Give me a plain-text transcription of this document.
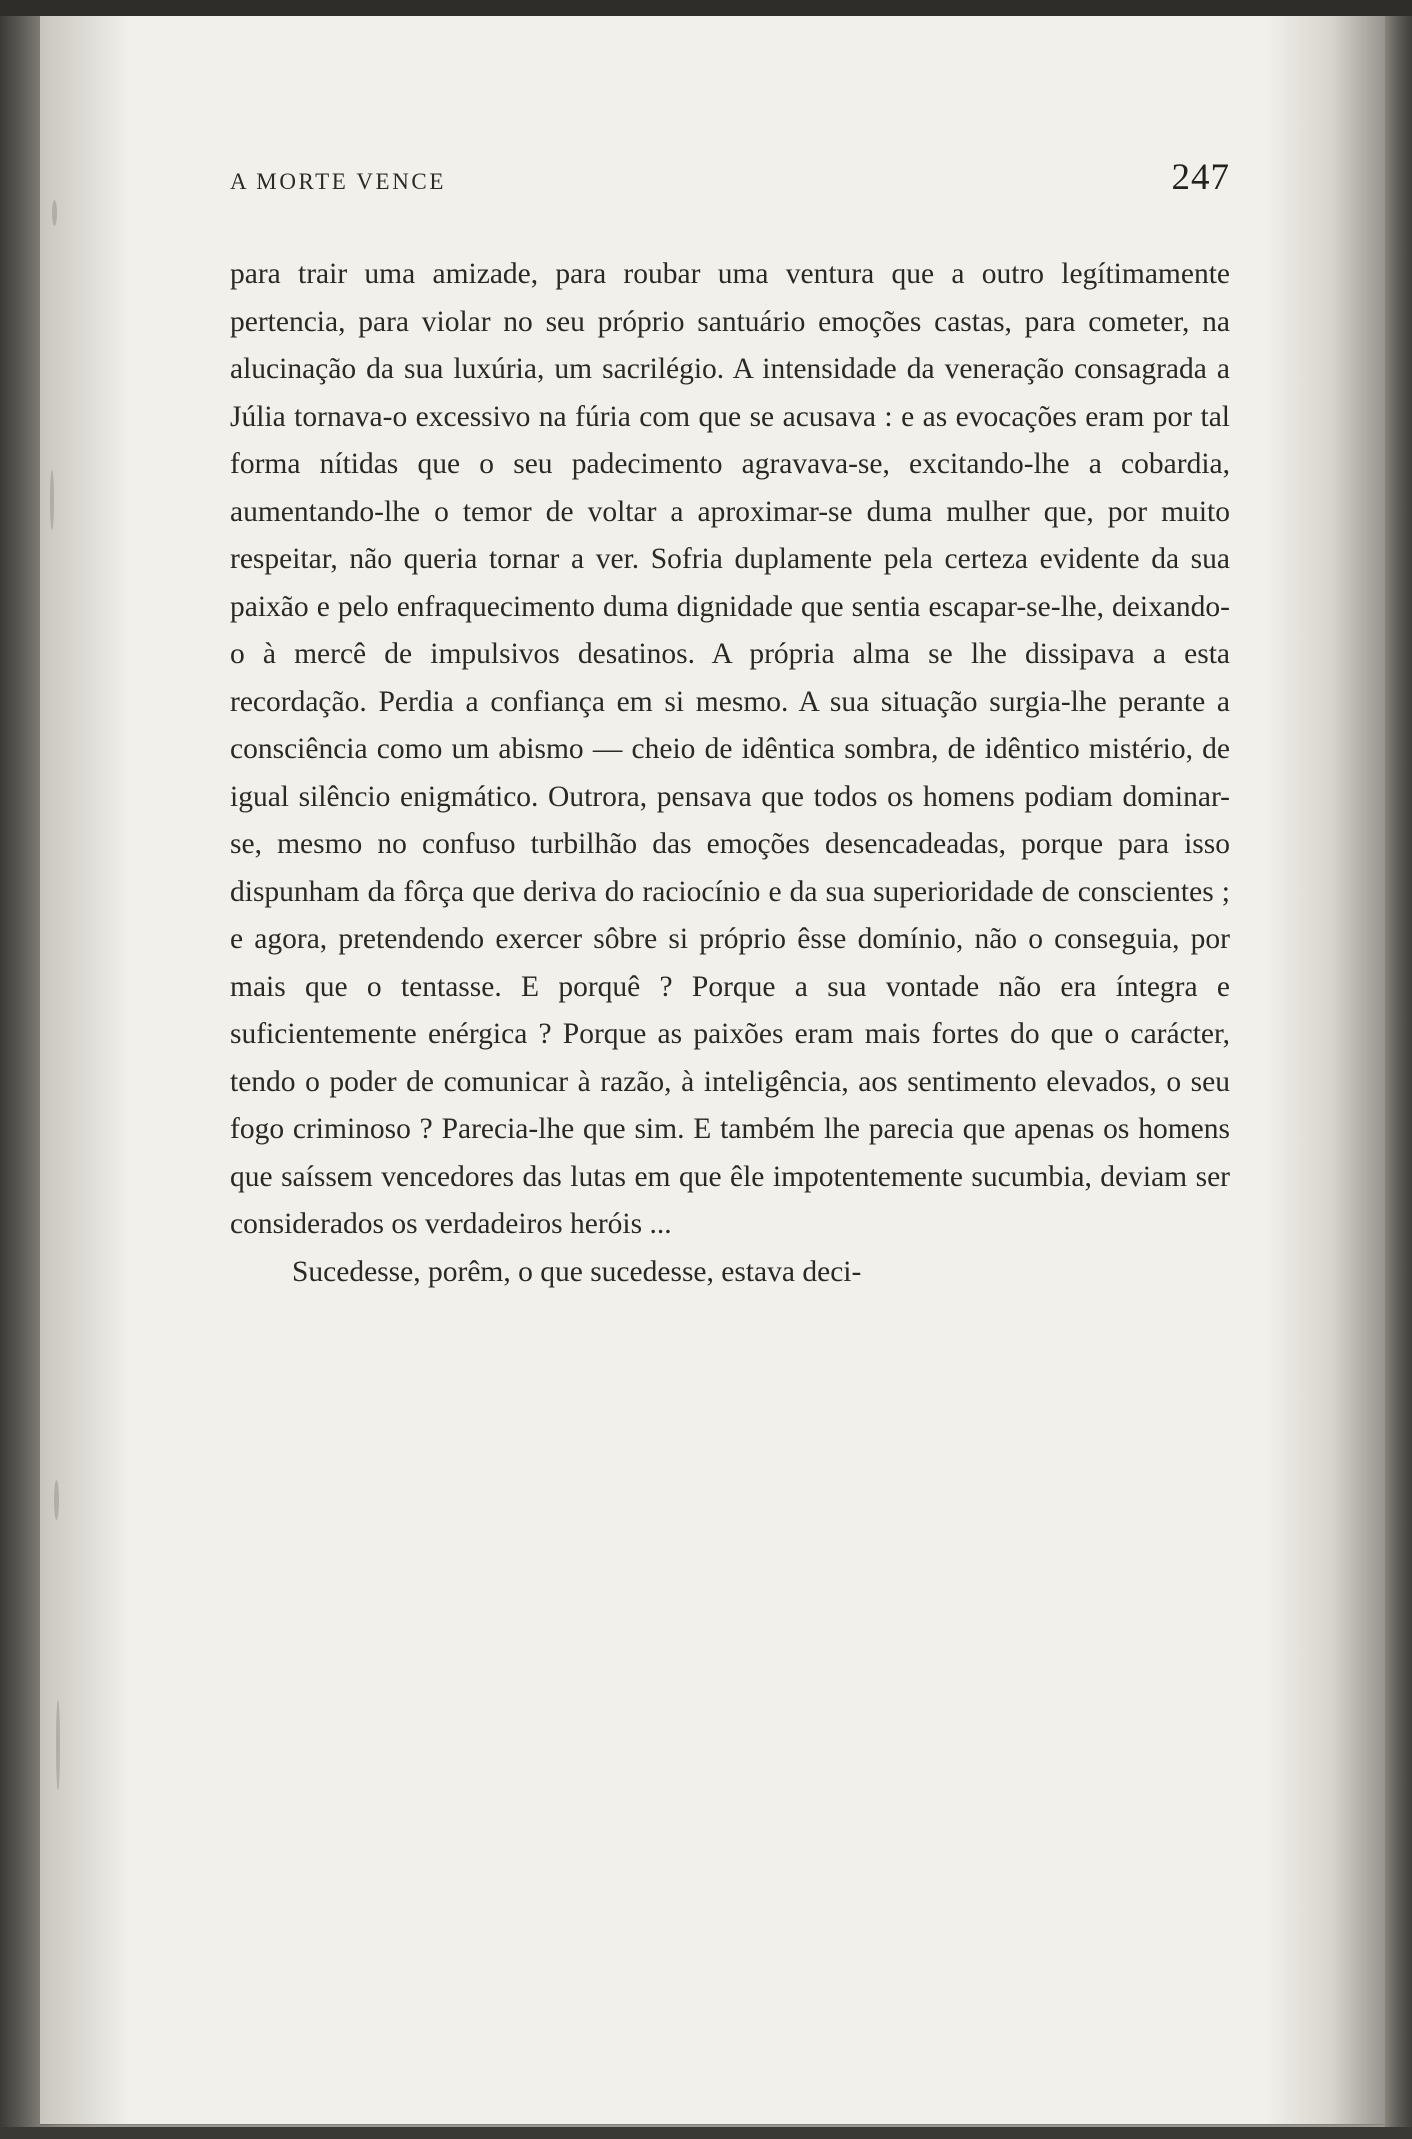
A MORTE VENCE	247

para trair uma amizade, para roubar uma ventura que a outro legítimamente pertencia, para violar no seu próprio santuário emoções castas, para cometer, na alucinação da sua luxúria, um sacrilégio. A intensidade da veneração consagrada a Júlia tornava-o excessivo na fúria com que se acusava : e as evocações eram por tal forma nítidas que o seu padecimento agravava-se, excitando-lhe a cobardia, aumentando-lhe o temor de voltar a aproximar-se duma mulher que, por muito respeitar, não queria tornar a ver. Sofria duplamente pela certeza evidente da sua paixão e pelo enfraquecimento duma dignidade que sentia escapar-se-lhe, deixando-o à mercê de impulsivos desatinos. A própria alma se lhe dissipava a esta recordação. Perdia a confiança em si mesmo. A sua situação surgia-lhe perante a consciência como um abismo — cheio de idêntica sombra, de idêntico mistério, de igual silêncio enigmático. Outrora, pensava que todos os homens podiam dominar-se, mesmo no confuso turbilhão das emoções desencadeadas, porque para isso dispunham da fôrça que deriva do raciocínio e da sua superioridade de conscientes ; e agora, pretendendo exercer sôbre si próprio êsse domínio, não o conseguia, por mais que o tentasse. E porquê ? Porque a sua vontade não era íntegra e suficientemente enérgica ? Porque as paixões eram mais fortes do que o carácter, tendo o poder de comunicar à razão, à inteligência, aos sentimento elevados, o seu fogo criminoso ? Parecia-lhe que sim. E também lhe parecia que apenas os homens que saíssem vencedores das lutas em que êle impotentemente sucumbia, deviam ser considerados os verdadeiros heróis ...

Sucedesse, porêm, o que sucedesse, estava deci-
